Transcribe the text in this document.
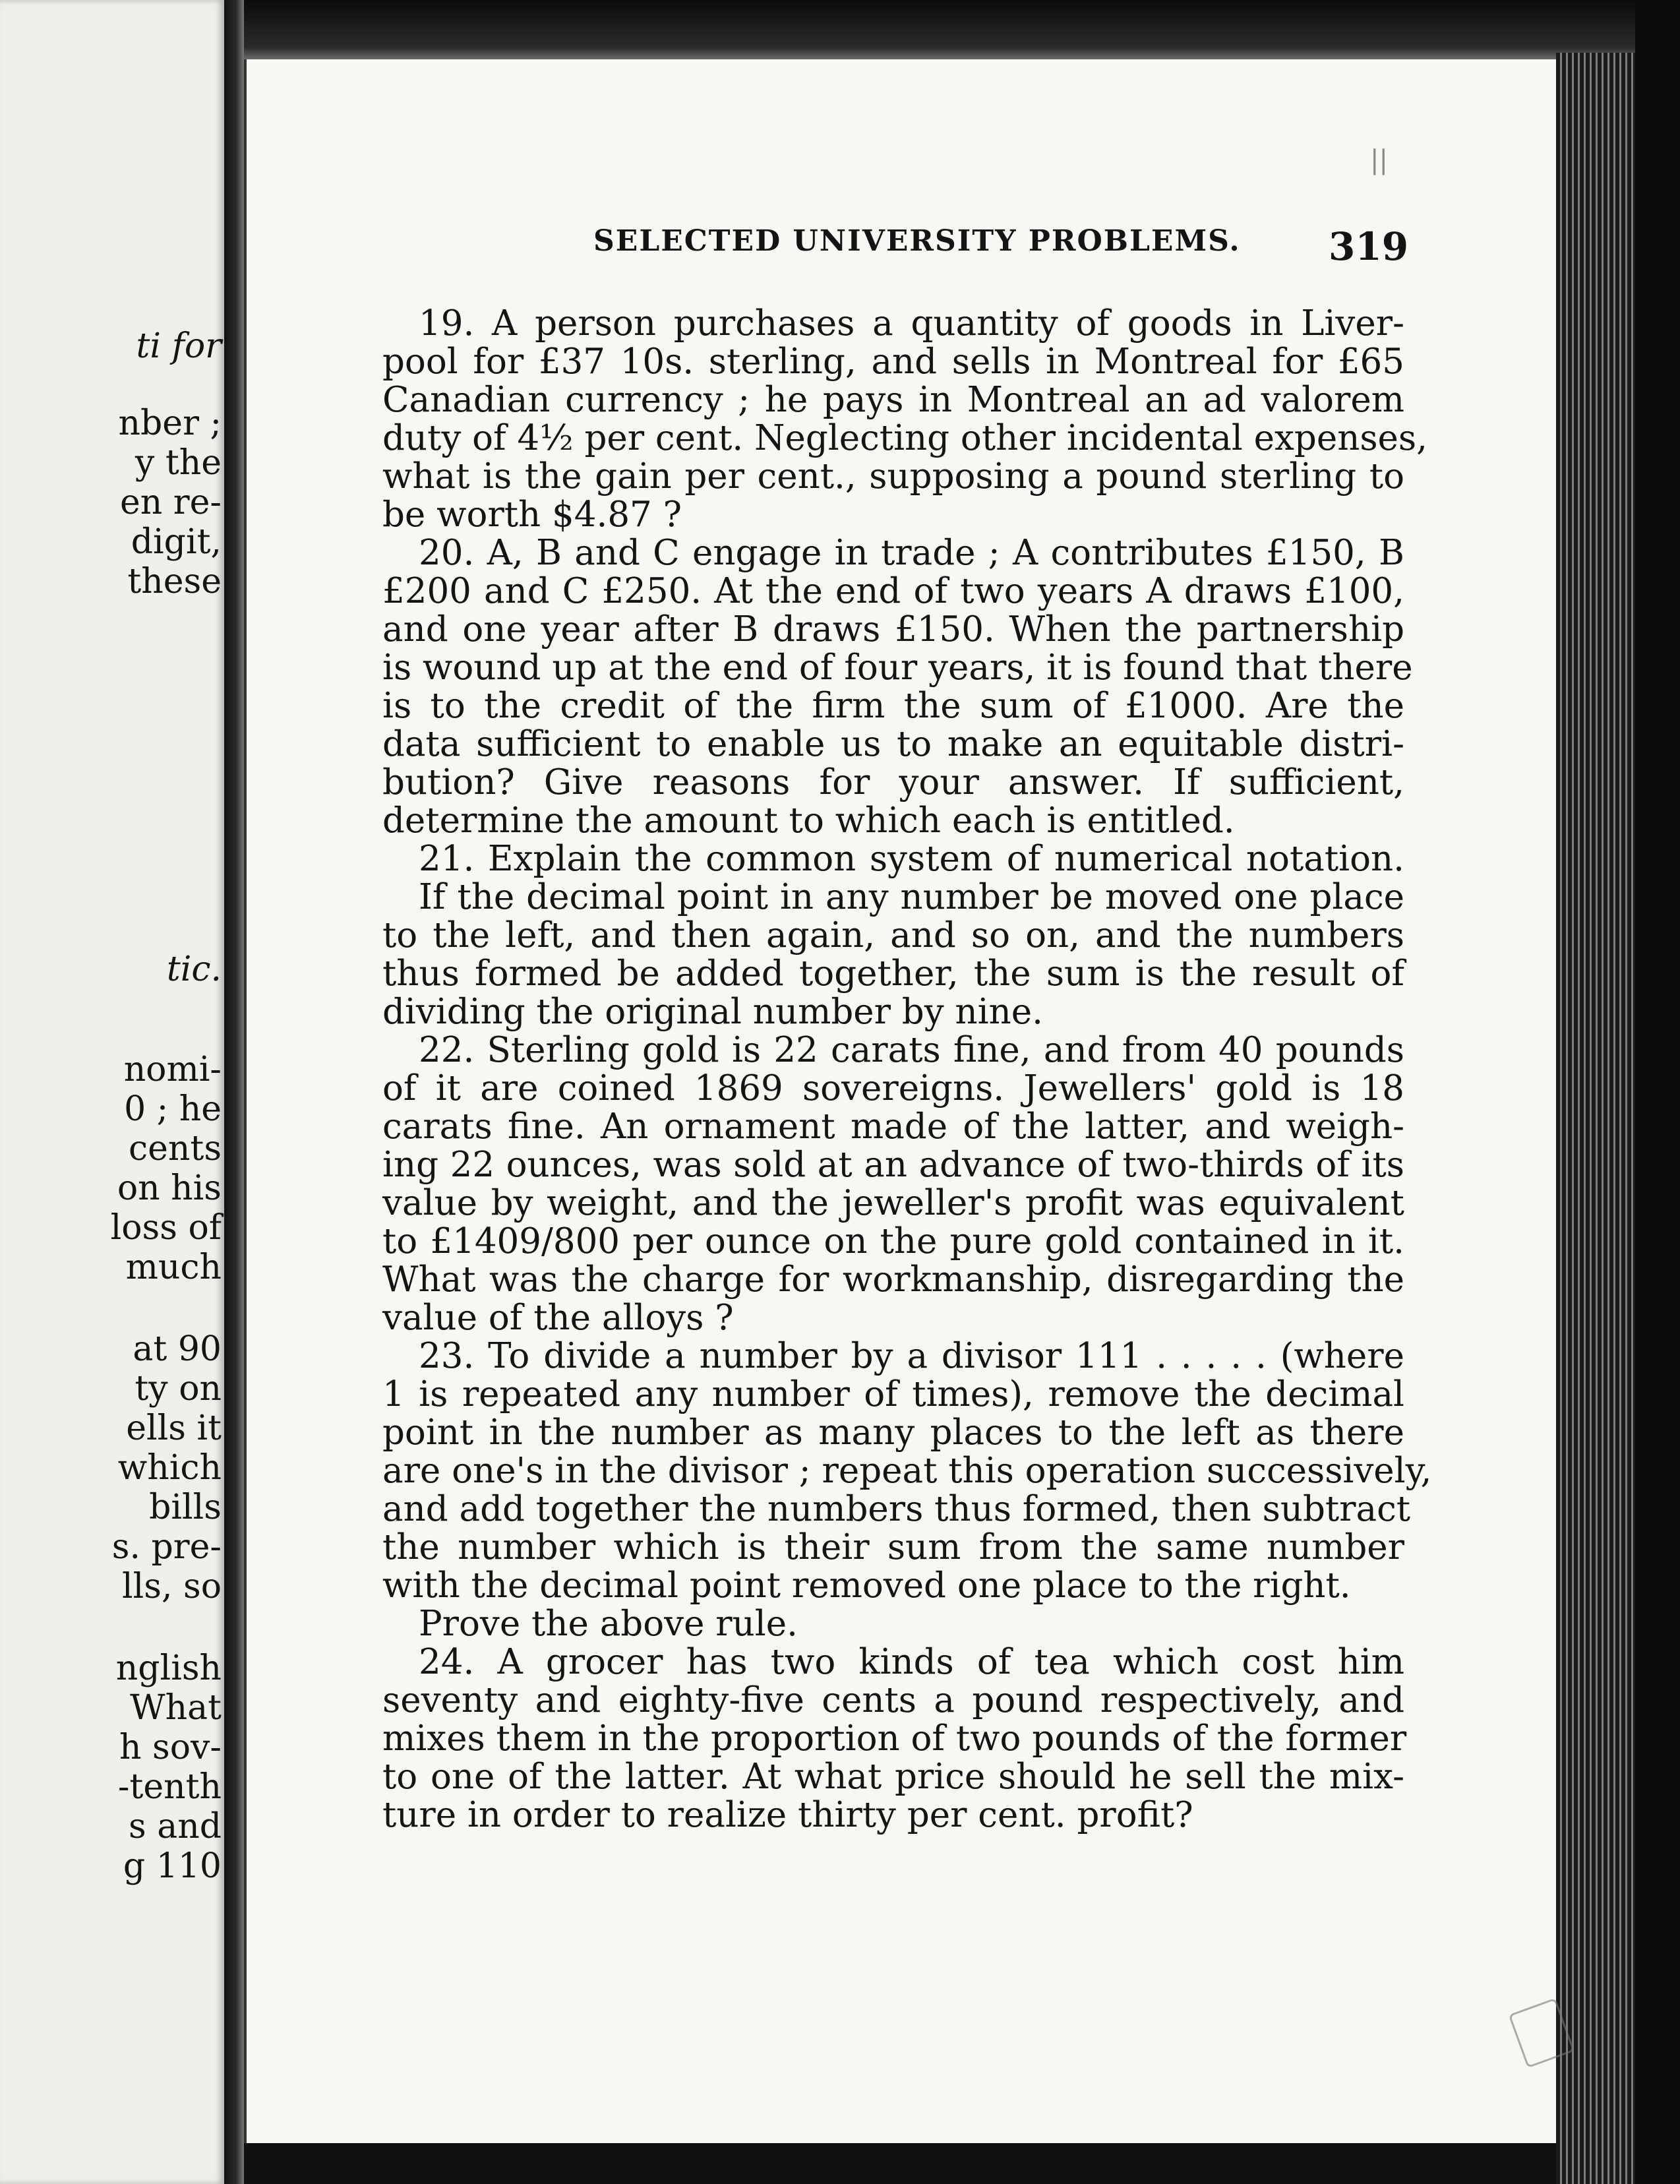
ti for
nber ;
y the
en re-
digit,
these
tic.
nomi-
0 ; he
cents
on his
loss of
much
at 90
ty on
ells it
which
bills
s. pre-
lls, so
nglish
What
h sov-
-tenth
s and
g 110
||
SELECTED UNIVERSITY PROBLEMS. 319
19. A person purchases a quantity of goods in Liver-
pool for £37 10s. sterling, and sells in Montreal for £65
Canadian currency ; he pays in Montreal an ad valorem
duty of 4½ per cent. Neglecting other incidental expenses,
what is the gain per cent., supposing a pound sterling to
be worth $4.87 ?
20. A, B and C engage in trade ; A contributes £150, B
£200 and C £250. At the end of two years A draws £100,
and one year after B draws £150. When the partnership
is wound up at the end of four years, it is found that there
is to the credit of the firm the sum of £1000. Are the
data sufficient to enable us to make an equitable distri-
bution? Give reasons for your answer. If sufficient,
determine the amount to which each is entitled.
21. Explain the common system of numerical notation.
If the decimal point in any number be moved one place
to the left, and then again, and so on, and the numbers
thus formed be added together, the sum is the result of
dividing the original number by nine.
22. Sterling gold is 22 carats fine, and from 40 pounds
of it are coined 1869 sovereigns. Jewellers' gold is 18
carats fine. An ornament made of the latter, and weigh-
ing 22 ounces, was sold at an advance of two-thirds of its
value by weight, and the jeweller's profit was equivalent
to £1409/800 per ounce on the pure gold contained in it.
What was the charge for workmanship, disregarding the
value of the alloys ?
23. To divide a number by a divisor 111 . . . . . (where
1 is repeated any number of times), remove the decimal
point in the number as many places to the left as there
are one's in the divisor ; repeat this operation successively,
and add together the numbers thus formed, then subtract
the number which is their sum from the same number
with the decimal point removed one place to the right.
Prove the above rule.
24. A grocer has two kinds of tea which cost him
seventy and eighty-five cents a pound respectively, and
mixes them in the proportion of two pounds of the former
to one of the latter. At what price should he sell the mix-
ture in order to realize thirty per cent. profit?
